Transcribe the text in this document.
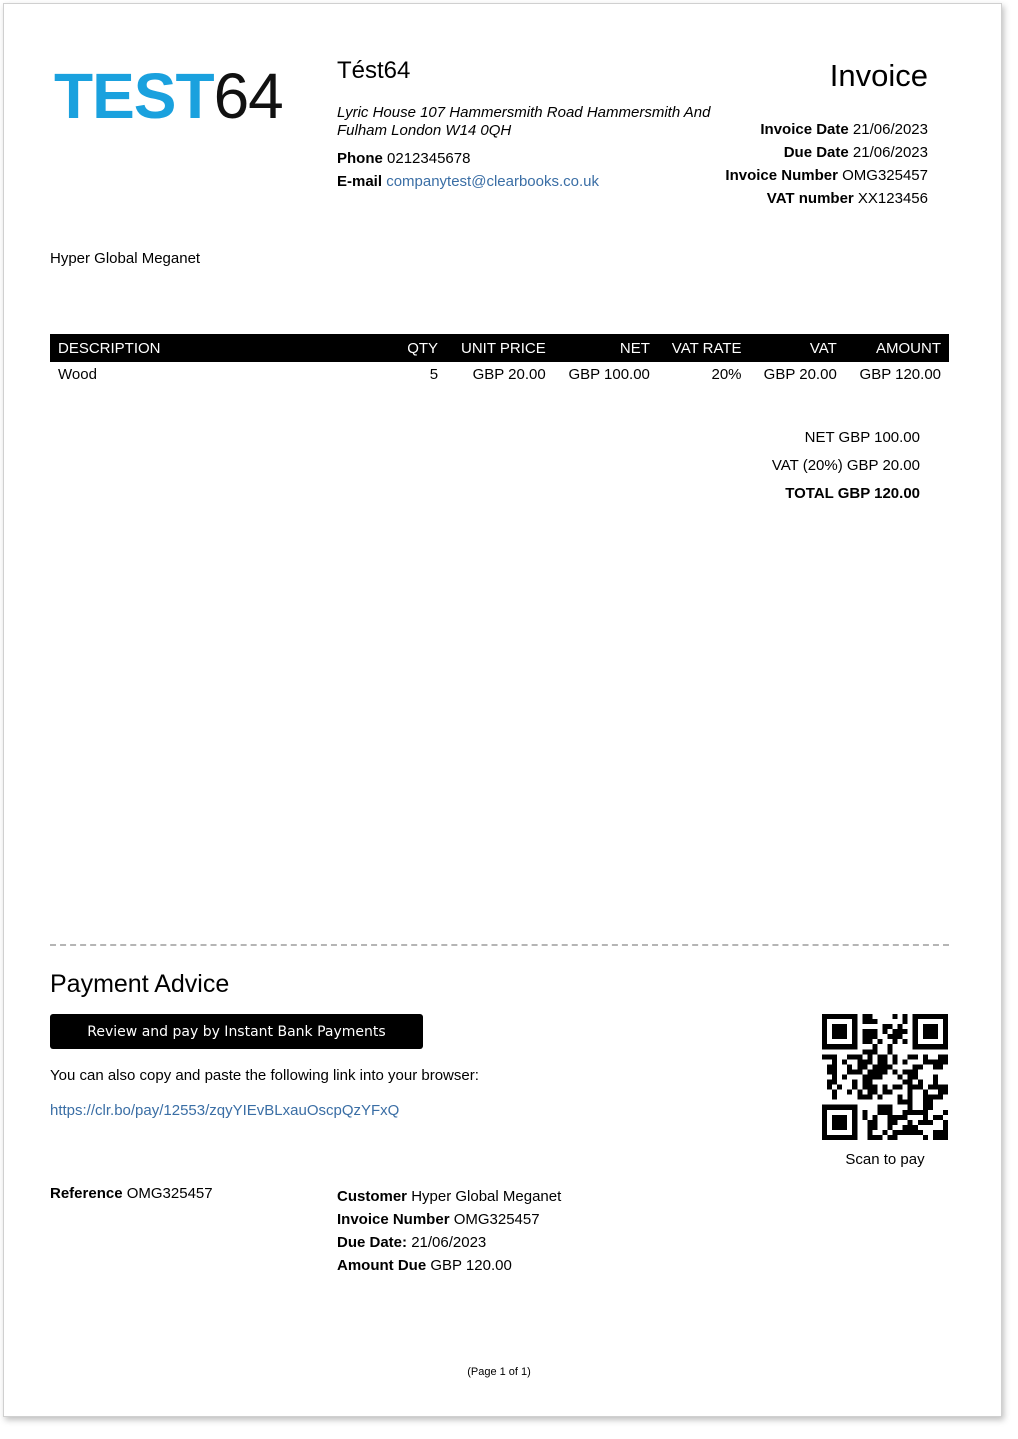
TEST64 Tést64
Lyric House 107 Hammersmith Road Hammersmith And Fulham London W14 0QH
Phone 0212345678
E-mail companytest@clearbooks.co.uk
Invoice
Invoice Date 21/06/2023
Due Date 21/06/2023
Invoice Number OMG325457
VAT number XX123456
Hyper Global Meganet
DESCRIPTION	QTY	UNIT PRICE	NET	VAT RATE	VAT	AMOUNT
Wood	5	GBP 20.00	GBP 100.00	20%	GBP 20.00	GBP 120.00
NET GBP 100.00
VAT (20%) GBP 20.00
TOTAL GBP 120.00
Payment Advice
Review and pay by Instant Bank Payments
You can also copy and paste the following link into your browser:
https://clr.bo/pay/12553/zqyYIEvBLxauOscpQzYFxQ
Scan to pay
Reference OMG325457	Customer Hyper Global Meganet
Invoice Number OMG325457
Due Date: 21/06/2023
Amount Due GBP 120.00
(Page 1 of 1)
